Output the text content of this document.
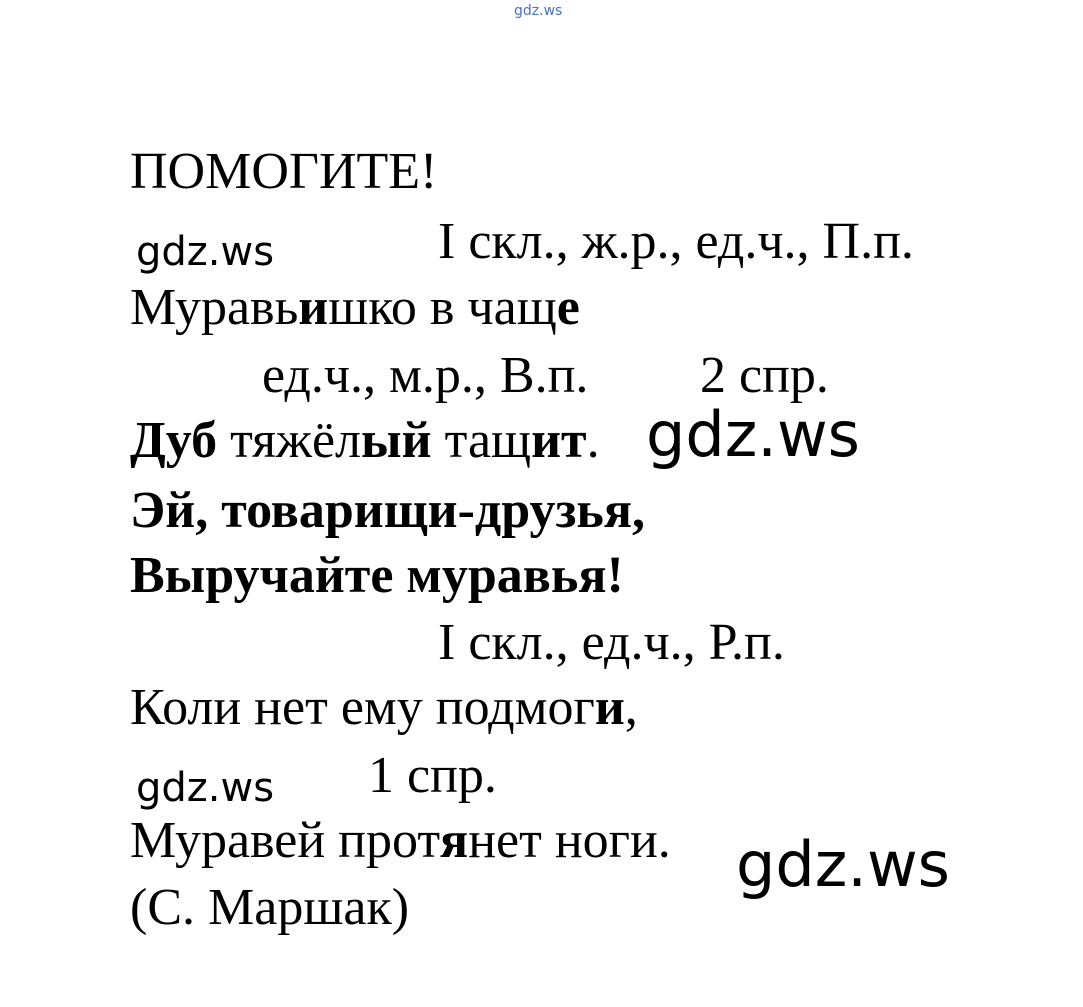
gdz.ws
ПОМОГИТЕ!
I скл., ж.р., ед.ч., П.п.
gdz.ws
Муравьишко в чаще
ед.ч., м.р., В.п. 2 спр.
Дуб тяжёлый тащит. gdz.ws
Эй, товарищи-друзья,
Выручайте муравья!
I скл., ед.ч., Р.п.
Коли нет ему подмоги,
1 спр.
gdz.ws
Муравей протянет ноги. gdz.ws
(С. Маршак)
